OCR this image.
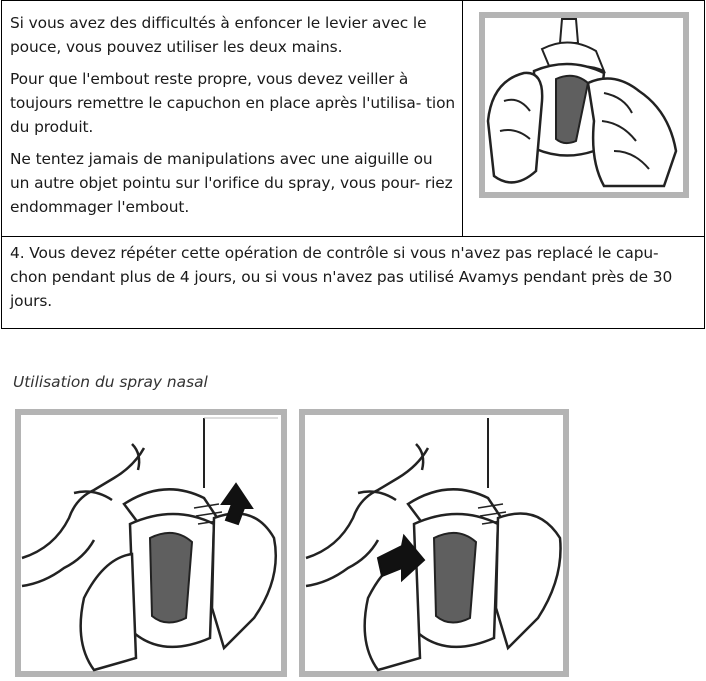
Si vous avez des difficultés à enfoncer le levier avec le pouce, vous pouvez utiliser les deux mains.

Pour que l'embout reste propre, vous devez veiller à toujours remettre le capuchon en place après l'utilisa- tion du produit.

Ne tentez jamais de manipulations avec une aiguille ou un autre objet pointu sur l'orifice du spray, vous pour- riez endommager l'embout.

4. Vous devez répéter cette opération de contrôle si vous n'avez pas replacé le capu- chon pendant plus de 4 jours, ou si vous n'avez pas utilisé Avamys pendant près de 30 jours.

Utilisation du spray nasal
